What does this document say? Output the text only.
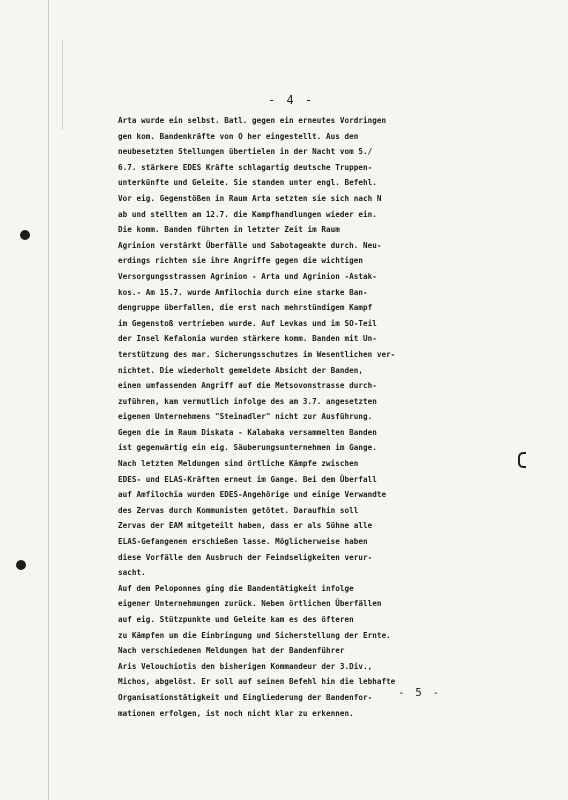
- 4 -
Arta wurde ein selbst. Batl. gegen ein erneutes Vordringen
gen kom. Bandenkräfte von O her eingestellt. Aus den
neubesetzten Stellungen übertielen in der Nacht vom 5./
6.7. stärkere EDES Kräfte schlagartig deutsche Truppen-
unterkünfte und Geleite. Sie standen unter engl. Befehl.
Vor eig. Gegenstößen in Raum Arta setzten sie sich nach N
ab und stellten am 12.7. die Kampfhandlungen wieder ein.
Die komm. Banden führten in letzter Zeit im Raum
Agrinion verstärkt Überfälle und Sabotageakte durch. Neu-
erdings richten sie ihre Angriffe gegen die wichtigen
Versorgungsstrassen Agrinion - Arta und Agrinion -Astak-
kos.- Am 15.7. wurde Amfilochia durch eine starke Ban-
dengruppe überfallen, die erst nach mehrstündigem Kampf
im Gegenstoß vertrieben wurde. Auf Levkas und im SO-Teil
der Insel Kefalonia wurden stärkere komm. Banden mit Un-
terstützung des mar. Sicherungsschutzes im Wesentlichen ver-
nichtet. Die wiederholt gemeldete Absicht der Banden,
einen umfassenden Angriff auf die Metsovonstrasse durch-
zuführen, kam vermutlich infolge des am 3.7. angesetzten
eigenen Unternehmens "Steinadler" nicht zur Ausführung.
Gegen die im Raum Diskata - Kalabaka versammelten Banden
ist gegenwärtig ein eig. Säuberungsunternehmen im Gange.
Nach letzten Meldungen sind örtliche Kämpfe zwischen
EDES- und ELAS-Kräften erneut im Gange. Bei dem Überfall
auf Amfilochia wurden EDES-Angehörige und einige Verwandte
des Zervas durch Kommunisten getötet. Daraufhin soll
Zervas der EAM mitgeteilt haben, dass er als Sühne alle
ELAS-Gefangenen erschießen lasse. Möglicherweise haben
diese Vorfälle den Ausbruch der Feindseligkeiten verur-
sacht.
Auf dem Peloponnes ging die Bandentätigkeit infolge
eigener Unternehmungen zurück. Neben örtlichen Überfällen
auf eig. Stützpunkte und Geleite kam es des öfteren
zu Kämpfen um die Einbringung und Sicherstellung der Ernte.
Nach verschiedenen Meldungen hat der Bandenführer
Aris Velouchiotis den bisherigen Kommandeur der 3.Div.,
Michos, abgelöst. Er soll auf seinen Befehl hin die lebhafte
Organisationstätigkeit und Eingliederung der Bandenfor-
mationen erfolgen, ist noch nicht klar zu erkennen.
- 5 -
